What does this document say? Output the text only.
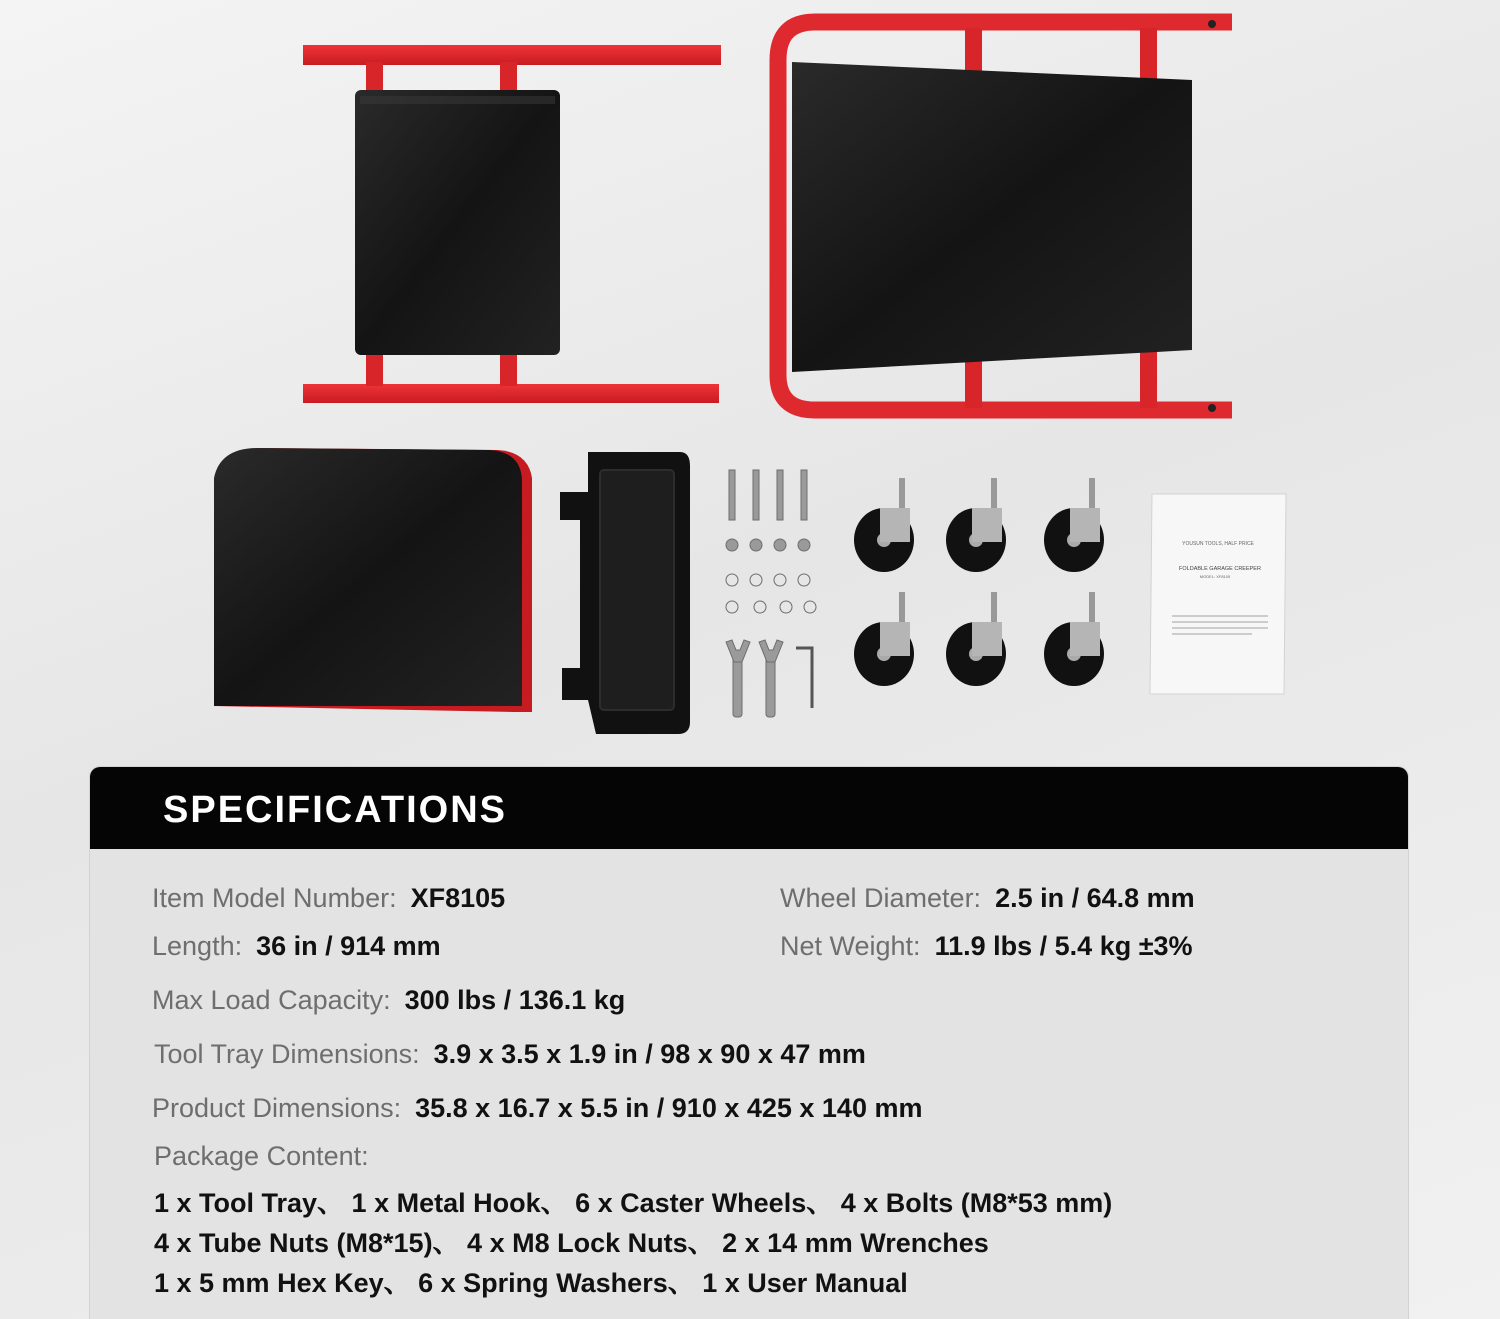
YOUSUN TOOLS, HALF PRICE
FOLDABLE GARAGE CREEPER
MODEL: XF8105
SPECIFICATIONS
Item Model Number: XF8105	Wheel Diameter: 2.5 in / 64.8 mm
Length: 36 in / 914 mm	Net Weight: 11.9 lbs / 5.4 kg ±3%
Max Load Capacity: 300 lbs / 136.1 kg
Tool Tray Dimensions: 3.9 x 3.5 x 1.9 in / 98 x 90 x 47 mm
Product Dimensions: 35.8 x 16.7 x 5.5 in / 910 x 425 x 140 mm
Package Content:
1 x Tool Tray、 1 x Metal Hook、 6 x Caster Wheels、 4 x Bolts (M8*53 mm)
4 x Tube Nuts (M8*15)、 4 x M8 Lock Nuts、 2 x 14 mm Wrenches
1 x 5 mm Hex Key、 6 x Spring Washers、 1 x User Manual
